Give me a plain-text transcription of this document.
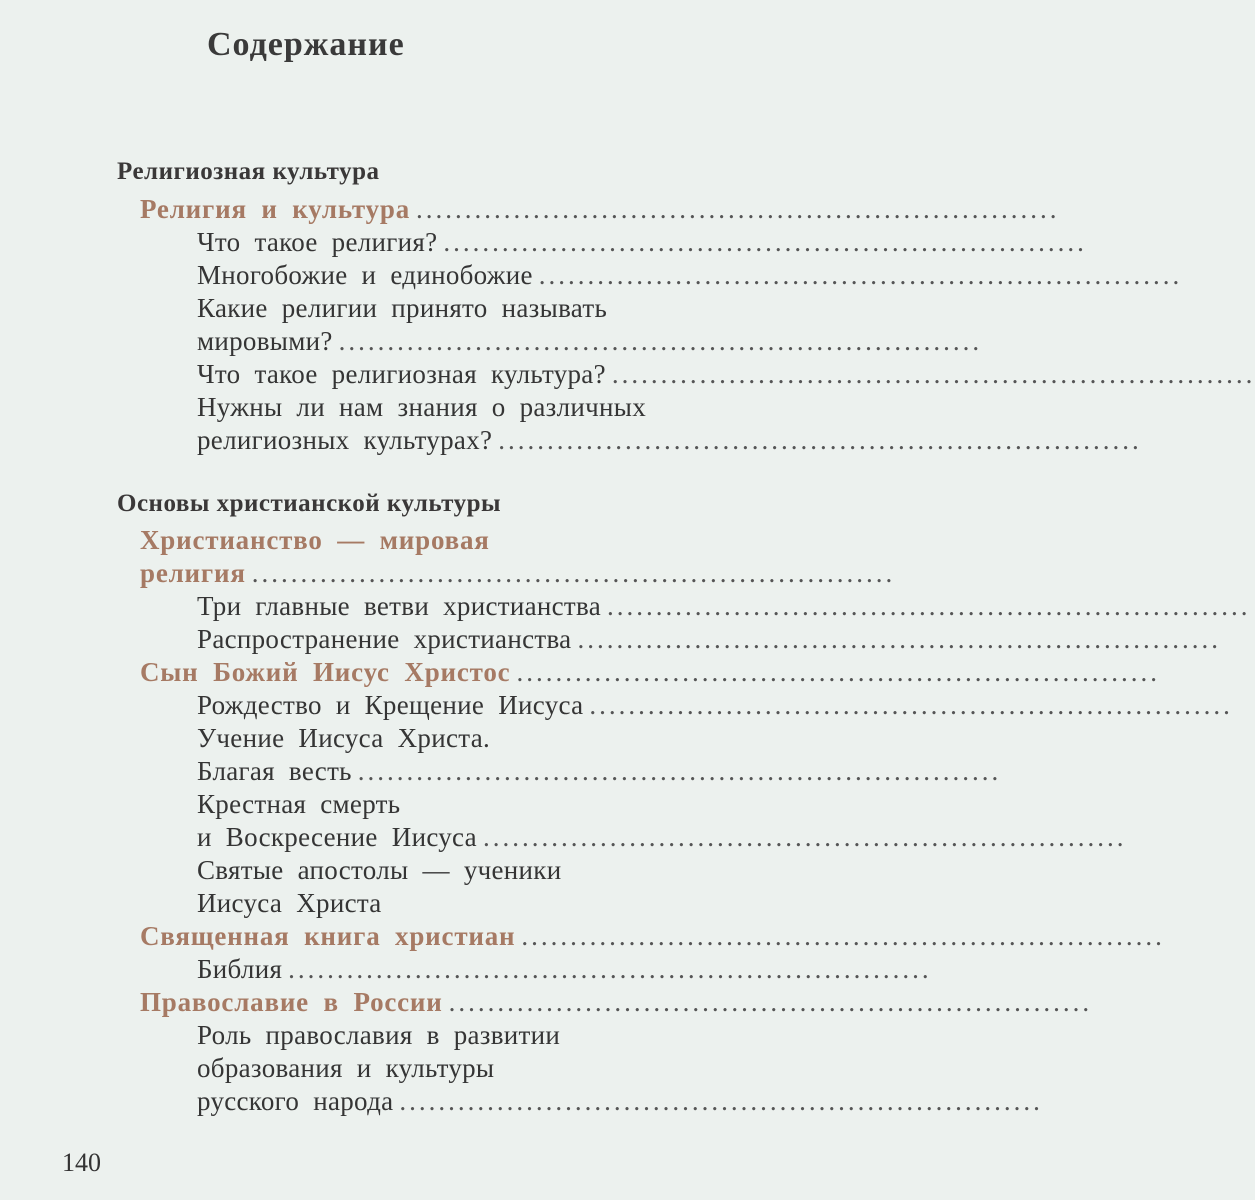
Содержание
Религиозная культура
Религия и культура ..................................................................
Что такое религия? ..................................................................
Многобожие и единобожие ..................................................................
Какие религии принято называть
мировыми? ..................................................................
Что такое религиозная культура? ..................................................................
Нужны ли нам знания о различных
религиозных культурах? ..................................................................
Основы христианской культуры
Христианство — мировая
религия ..................................................................
Три главные ветви христианства ..................................................................
Распространение христианства ..................................................................
Сын Божий Иисус Христос ..................................................................
Рождество и Крещение Иисуса ..................................................................
Учение Иисуса Христа.
Благая весть ..................................................................
Крестная смерть
и Воскресение Иисуса ..................................................................
Святые апостолы — ученики
Иисуса Христа
Священная книга христиан ..................................................................
Библия ..................................................................
Православие в России ..................................................................
Роль православия в развитии
образования и культуры
русского народа ..................................................................
140
